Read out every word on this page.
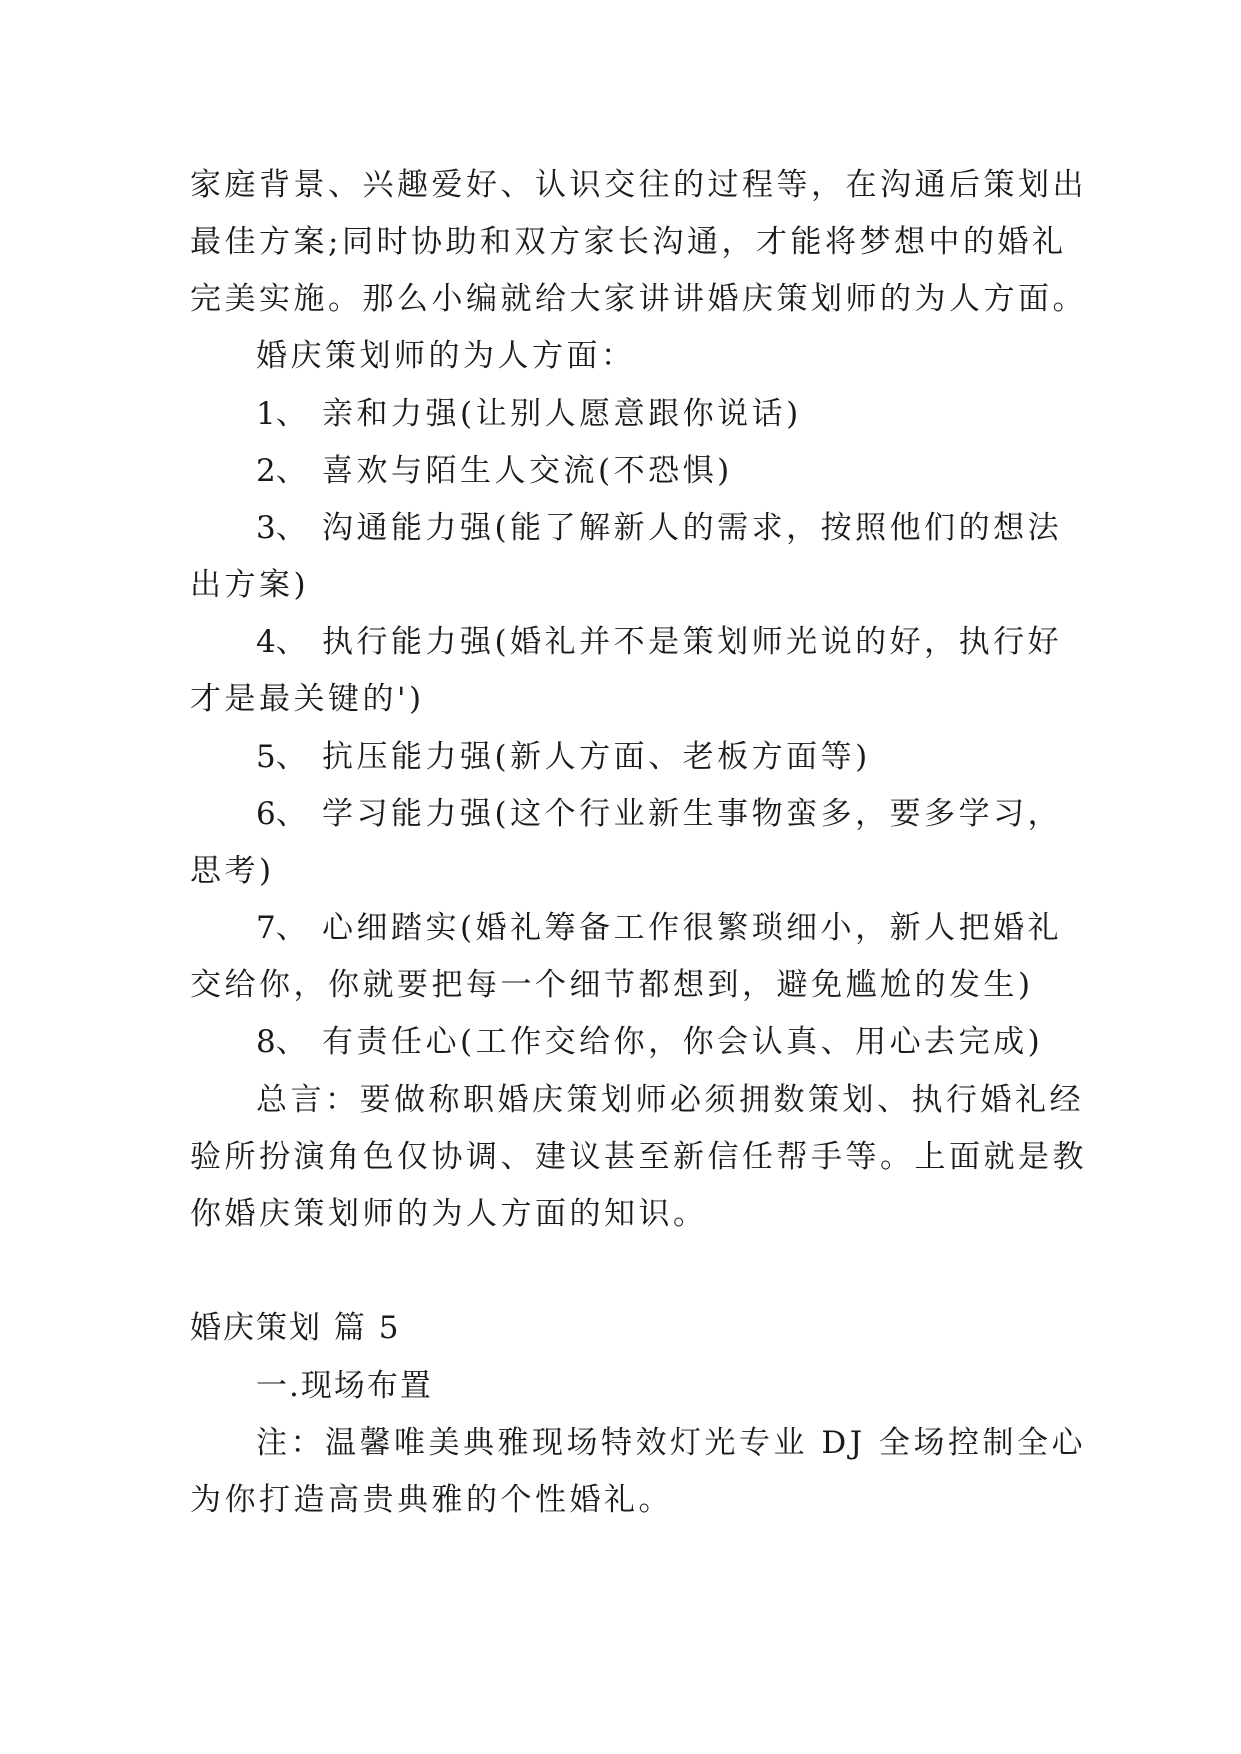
家庭背景、兴趣爱好、认识交往的过程等，在沟通后策划出
最佳方案;同时协助和双方家长沟通，才能将梦想中的婚礼
完美实施。那么小编就给大家讲讲婚庆策划师的为人方面。
婚庆策划师的为人方面：
1、 亲和力强(让别人愿意跟你说话)
2、 喜欢与陌生人交流(不恐惧)
3、 沟通能力强(能了解新人的需求，按照他们的想法
出方案)
4、 执行能力强(婚礼并不是策划师光说的好，执行好
才是最关键的')
5、 抗压能力强(新人方面、老板方面等)
6、 学习能力强(这个行业新生事物蛮多，要多学习，
思考)
7、 心细踏实(婚礼筹备工作很繁琐细小，新人把婚礼
交给你，你就要把每一个细节都想到，避免尴尬的发生)
8、 有责任心(工作交给你，你会认真、用心去完成)
总言：要做称职婚庆策划师必须拥数策划、执行婚礼经
验所扮演角色仅协调、建议甚至新信任帮手等。上面就是教
你婚庆策划师的为人方面的知识。
婚庆策划 篇 5
一.现场布置
注：温馨唯美典雅现场特效灯光专业 DJ 全场控制全心
为你打造高贵典雅的个性婚礼。
